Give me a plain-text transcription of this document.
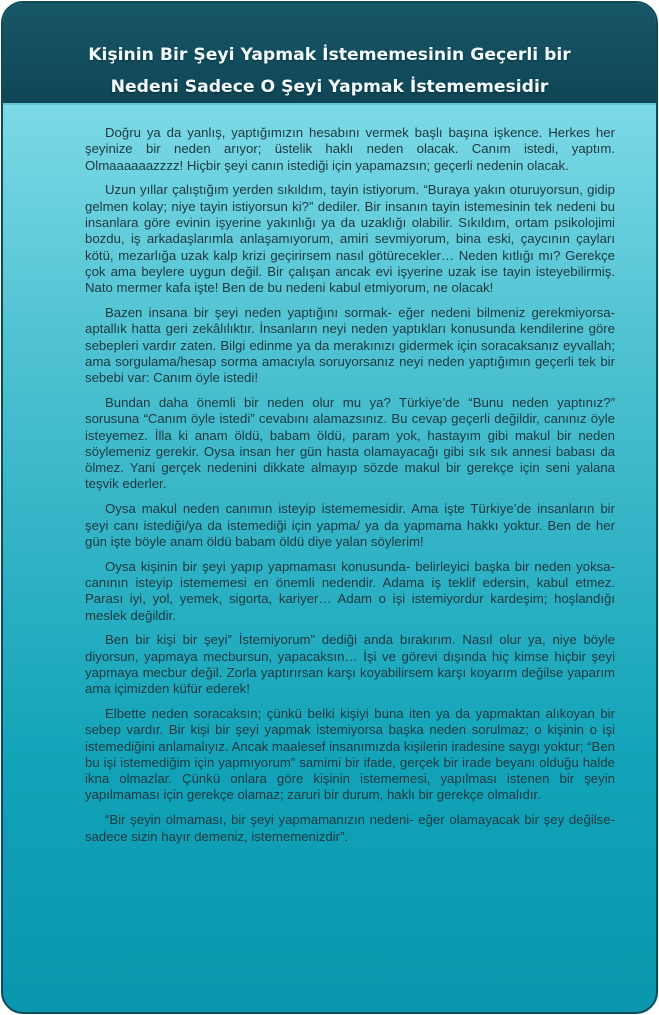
Kişinin Bir Şeyi Yapmak İstememesinin Geçerli bir
Nedeni Sadece O Şeyi Yapmak İstememesidir

Doğru ya da yanlış, yaptığımızın hesabını vermek başlı başına işkence. Herkes her şeyinize bir neden arıyor; üstelik haklı neden olacak. Canım istedi, yaptım. Olmaaaaaazzzz! Hiçbir şeyi canın istediği için yapamazsın; geçerli nedenin olacak.

Uzun yıllar çalıştığım yerden sıkıldım, tayin istiyorum. “Buraya yakın oturuyorsun, gidip gelmen kolay; niye tayin istiyorsun ki?” dediler. Bir insanın tayin istemesinin tek nedeni bu insanlara göre evinin işyerine yakınlığı ya da uzaklığı olabilir. Sıkıldım, ortam psikolojimi bozdu, iş arkadaşlarımla anlaşamıyorum, amiri sevmiyorum, bina eski, çaycının çayları kötü, mezarlığa uzak kalp krizi geçirirsem nasıl götürecekler… Neden kıtlığı mı? Gerekçe çok ama beylere uygun değil. Bir çalışan ancak evi işyerine uzak ise tayin isteyebilirmiş. Nato mermer kafa işte! Ben de bu nedeni kabul etmiyorum, ne olacak!

Bazen insana bir şeyi neden yaptığını sormak- eğer nedeni bilmeniz gerekmiyorsa- aptallık hatta geri zekâlılıktır. İnsanların neyi neden yaptıkları konusunda kendilerine göre sebepleri vardır zaten. Bilgi edinme ya da merakınızı gidermek için soracaksanız eyvallah; ama sorgulama/hesap sorma amacıyla soruyorsanız neyi neden yaptığımın geçerli tek bir sebebi var: Canım öyle istedi!

Bundan daha önemli bir neden olur mu ya? Türkiye’de “Bunu neden yaptınız?” sorusuna “Canım öyle istedi” cevabını alamazsınız. Bu cevap geçerli değildir, canınız öyle isteyemez. İlla ki anam öldü, babam öldü, param yok, hastayım gibi makul bir neden söylemeniz gerekir. Oysa insan her gün hasta olamayacağı gibi sık sık annesi babası da ölmez. Yani gerçek nedenini dikkate almayıp sözde makul bir gerekçe için seni yalana teşvik ederler.

Oysa makul neden canımın isteyip istememesidir. Ama işte Türkiye’de insanların bir şeyi canı istediği/ya da istemediği için yapma/ ya da yapmama hakkı yoktur. Ben de her gün işte böyle anam öldü babam öldü diye yalan söylerim!

Oysa kişinin bir şeyi yapıp yapmaması konusunda- belirleyici başka bir neden yoksa-canının isteyip istememesi en önemli nedendir. Adama iş teklif edersin, kabul etmez. Parası iyi, yol, yemek, sigorta, kariyer… Adam o işi istemiyordur kardeşim; hoşlandığı meslek değildir.

Ben bir kişi bir şeyi” İstemiyorum” dediği anda bırakırım. Nasıl olur ya, niye böyle diyorsun, yapmaya mecbursun, yapacaksın… İşi ve görevi dışında hiç kimse hiçbir şeyi yapmaya mecbur değil. Zorla yaptırırsan karşı koyabilirsem karşı koyarım değilse yaparım ama içimizden küfür ederek!

Elbette neden soracaksın; çünkü belki kişiyi buna iten ya da yapmaktan alıkoyan bir sebep vardır. Bir kişi bir şeyi yapmak istemiyorsa başka neden sorulmaz; o kişinin o işi istemediğini anlamalıyız. Ancak maalesef insanımızda kişilerin iradesine saygı yoktur; “Ben bu işi istemediğim için yapmıyorum” samimi bir ifade, gerçek bir irade beyanı olduğu halde ikna olmazlar. Çünkü onlara göre kişinin istememesi, yapılması istenen bir şeyin yapılmaması için gerekçe olamaz; zaruri bir durum, haklı bir gerekçe olmalıdır.

“Bir şeyin olmaması, bir şeyi yapmamanızın nedeni- eğer olamayacak bir şey değilse- sadece sizin hayır demeniz, istememenizdir”.
